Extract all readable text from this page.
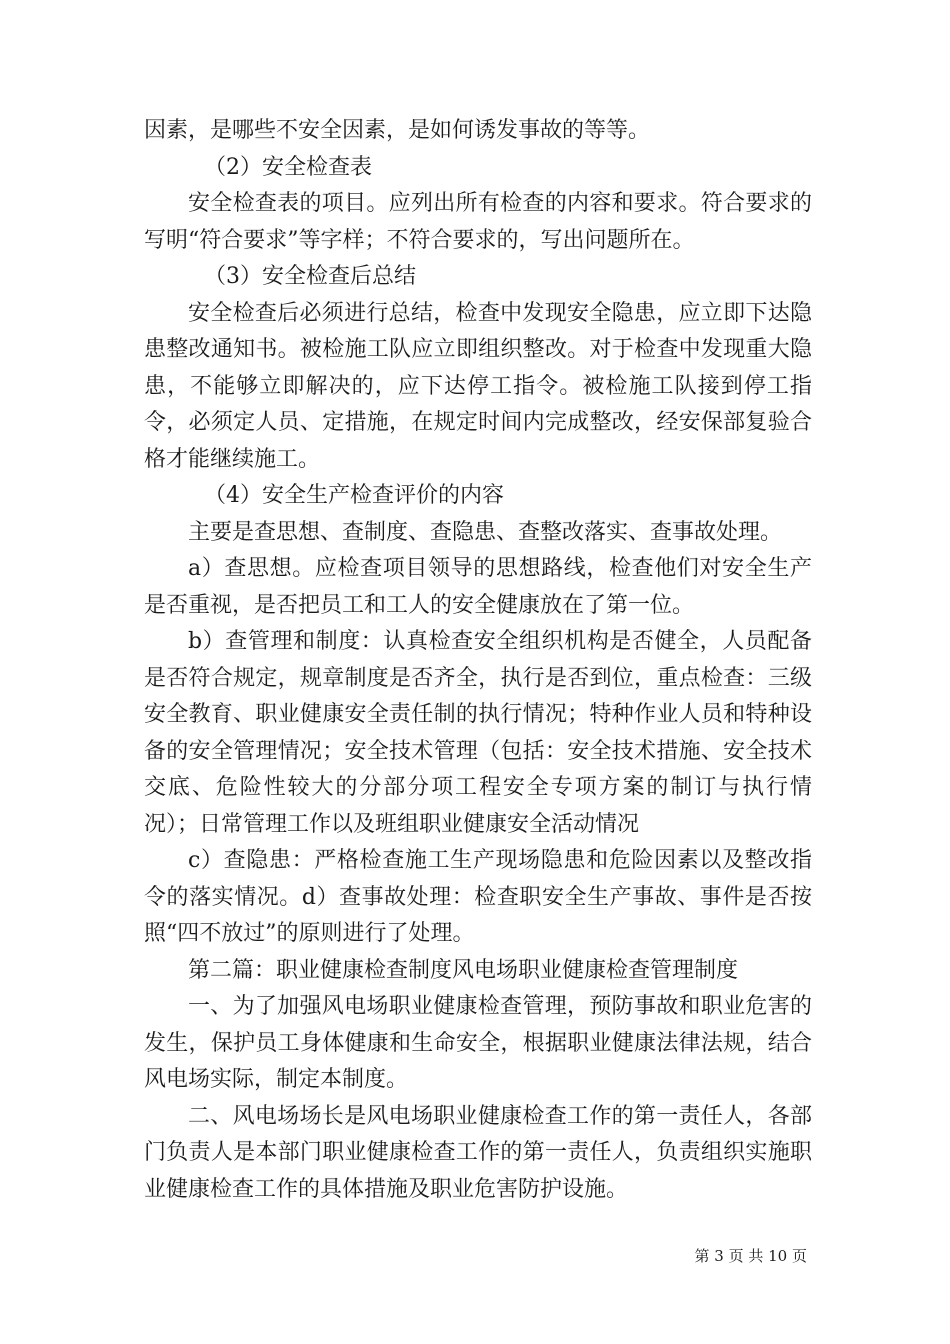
因素，是哪些不安全因素，是如何诱发事故的等等。

（2）安全检查表

安全检查表的项目。应列出所有检查的内容和要求。符合要求的写明“符合要求”等字样；不符合要求的，写出问题所在。

（3）安全检查后总结

安全检查后必须进行总结，检查中发现安全隐患，应立即下达隐患整改通知书。被检施工队应立即组织整改。对于检查中发现重大隐患，不能够立即解决的，应下达停工指令。被检施工队接到停工指令，必须定人员、定措施，在规定时间内完成整改，经安保部复验合格才能继续施工。

（4）安全生产检查评价的内容

主要是查思想、查制度、查隐患、查整改落实、查事故处理。

a）查思想。应检查项目领导的思想路线，检查他们对安全生产是否重视，是否把员工和工人的安全健康放在了第一位。

b）查管理和制度：认真检查安全组织机构是否健全，人员配备是否符合规定，规章制度是否齐全，执行是否到位，重点检查：三级安全教育、职业健康安全责任制的执行情况；特种作业人员和特种设备的安全管理情况；安全技术管理（包括：安全技术措施、安全技术交底、危险性较大的分部分项工程安全专项方案的制订与执行情况）；日常管理工作以及班组职业健康安全活动情况

c）查隐患：严格检查施工生产现场隐患和危险因素以及整改指令的落实情况。d）查事故处理：检查职安全生产事故、事件是否按照“四不放过”的原则进行了处理。

第二篇：职业健康检查制度风电场职业健康检查管理制度

一、为了加强风电场职业健康检查管理，预防事故和职业危害的发生，保护员工身体健康和生命安全，根据职业健康法律法规，结合风电场实际，制定本制度。

二、风电场场长是风电场职业健康检查工作的第一责任人，各部门负责人是本部门职业健康检查工作的第一责任人，负责组织实施职业健康检查工作的具体措施及职业危害防护设施。

第 3 页 共 10 页
